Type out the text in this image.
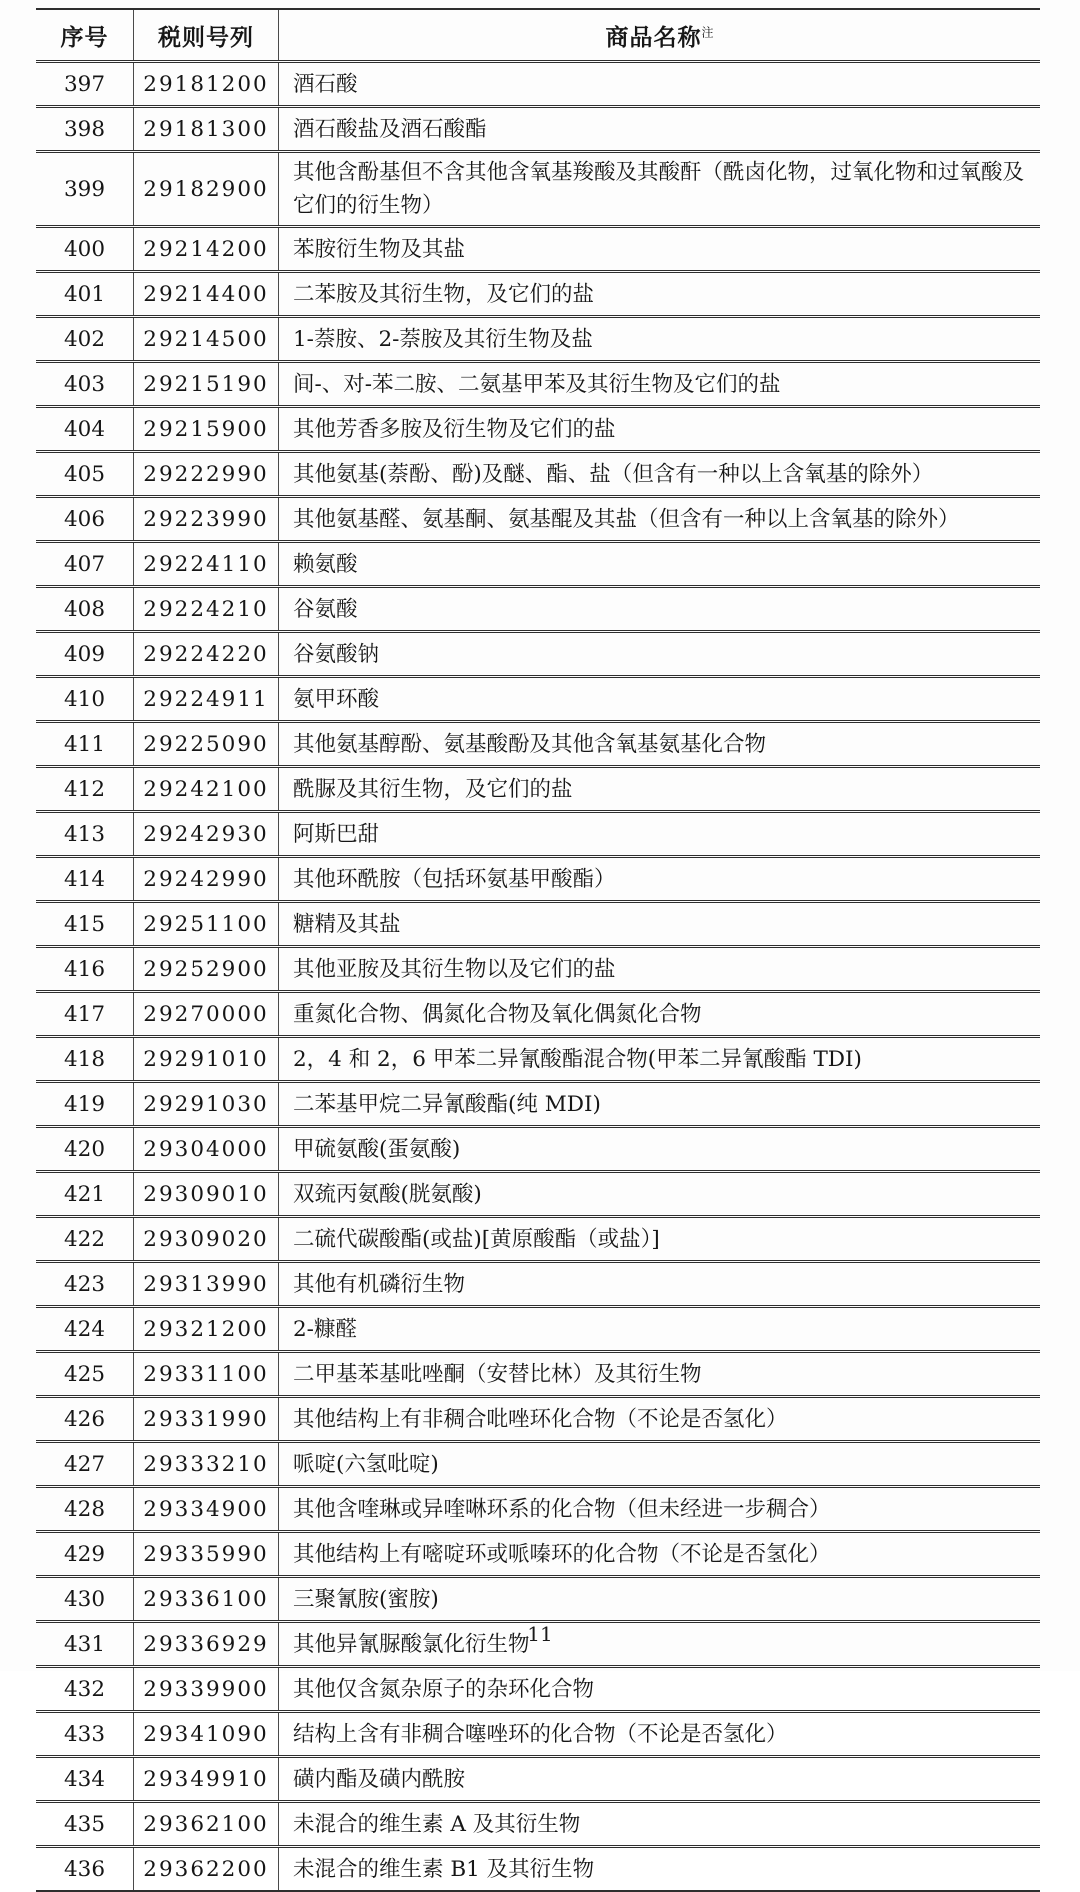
序号	税则号列	商品名称$^注$
397	29181200	酒石酸
398	29181300	酒石酸盐及酒石酸酯
399	29182900	其他含酚基但不含其他含氧基羧酸及其酸酐（酰卤化物，过氧化物和过氧酸及它们的衍生物）
400	29214200	苯胺衍生物及其盐
401	29214400	二苯胺及其衍生物，及它们的盐
402	29214500	1-萘胺、2-萘胺及其衍生物及盐
403	29215190	间-、对-苯二胺、二氨基甲苯及其衍生物及它们的盐
404	29215900	其他芳香多胺及衍生物及它们的盐
405	29222990	其他氨基(萘酚、酚)及醚、酯、盐（但含有一种以上含氧基的除外）
406	29223990	其他氨基醛、氨基酮、氨基醌及其盐（但含有一种以上含氧基的除外）
407	29224110	赖氨酸
408	29224210	谷氨酸
409	29224220	谷氨酸钠
410	29224911	氨甲环酸
411	29225090	其他氨基醇酚、氨基酸酚及其他含氧基氨基化合物
412	29242100	酰脲及其衍生物，及它们的盐
413	29242930	阿斯巴甜
414	29242990	其他环酰胺（包括环氨基甲酸酯）
415	29251100	糖精及其盐
416	29252900	其他亚胺及其衍生物以及它们的盐
417	29270000	重氮化合物、偶氮化合物及氧化偶氮化合物
418	29291010	2，4 和 2，6 甲苯二异氰酸酯混合物(甲苯二异氰酸酯 TDI)
419	29291030	二苯基甲烷二异氰酸酯(纯 MDI)
420	29304000	甲硫氨酸(蛋氨酸)
421	29309010	双巯丙氨酸(胱氨酸)
422	29309020	二硫代碳酸酯(或盐)[黄原酸酯（或盐）]
423	29313990	其他有机磷衍生物
424	29321200	2-糠醛
425	29331100	二甲基苯基吡唑酮（安替比林）及其衍生物
426	29331990	其他结构上有非稠合吡唑环化合物（不论是否氢化）
427	29333210	哌啶(六氢吡啶)
428	29334900	其他含喹琳或异喹啉环系的化合物（但未经进一步稠合）
429	29335990	其他结构上有嘧啶环或哌嗪环的化合物（不论是否氢化）
430	29336100	三聚氰胺(蜜胺)
431	29336929	其他异氰脲酸氯化衍生物
432	29339900	其他仅含氮杂原子的杂环化合物
433	29341090	结构上含有非稠合噻唑环的化合物（不论是否氢化）
434	29349910	磺内酯及磺内酰胺
435	29362100	未混合的维生素 A 及其衍生物
436	29362200	未混合的维生素 B1 及其衍生物
11
